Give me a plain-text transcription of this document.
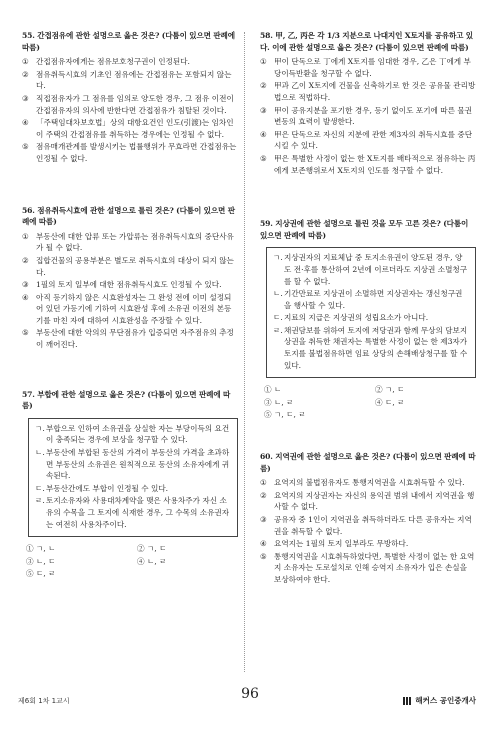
55. 간접점유에 관한 설명으로 옳은 것은? (다툼이 있으면 판례에 따름)
① 간접점유자에게는 점유보호청구권이 인정된다.
② 점유취득시효의 기초인 점유에는 간접점유는 포함되지 않는다.
③ 직접점유자가 그 점유를 임의로 양도한 경우, 그 점유 이전이 간접점유자의 의사에 반한다면 간접점유가 침탈된 것이다.
④ 「주택임대차보호법」상의 대항요건인 인도(引渡)는 임차인이 주택의 간접점유를 취득하는 경우에는 인정될 수 없다.
⑤ 점유매개관계를 발생시키는 법률행위가 무효라면 간접점유는 인정될 수 없다.
56. 점유취득시효에 관한 설명으로 틀린 것은? (다툼이 있으면 판례에 따름)
① 부동산에 대한 압류 또는 가압류는 점유취득시효의 중단사유가 될 수 없다.
② 집합건물의 공용부분은 별도로 취득시효의 대상이 되지 않는다.
③ 1필의 토지 일부에 대한 점유취득시효도 인정될 수 있다.
④ 아직 등기하지 않은 시효완성자는 그 완성 전에 이미 설정되어 있던 가등기에 기하여 시효완성 후에 소유권 이전의 본등기를 마친 자에 대하여 시효완성을 주장할 수 있다.
⑤ 부동산에 대한 악의의 무단점유가 입증되면 자주점유의 추정이 깨어진다.
57. 부합에 관한 설명으로 옳은 것은? (다툼이 있으면 판례에 따름)
ㄱ. 부합으로 인하여 소유권을 상실한 자는 부당이득의 요건이 충족되는 경우에 보상을 청구할 수 있다.
ㄴ. 부동산에 부합된 동산의 가격이 부동산의 가격을 초과하면 부동산의 소유권은 원칙적으로 동산의 소유자에게 귀속된다.
ㄷ. 부동산간에도 부합이 인정될 수 있다.
ㄹ. 토지소유자와 사용대차계약을 맺은 사용차주가 자신 소유의 수목을 그 토지에 식재한 경우, 그 수목의 소유권자는 여전히 사용차주이다.
① ㄱ, ㄴ	② ㄱ, ㄷ
③ ㄴ, ㄷ	④ ㄴ, ㄹ
⑤ ㄷ, ㄹ
58. 甲, 乙, 丙은 각 1/3 지분으로 나대지인 X토지를 공유하고 있다. 이에 관한 설명으로 옳은 것은? (다툼이 있으면 판례에 따름)
① 甲이 단독으로 丁에게 X토지를 임대한 경우, 乙은 丁에게 부당이득반환을 청구할 수 없다.
② 甲과 乙이 X토지에 건물을 신축하기로 한 것은 공유물 관리방법으로 적법하다.
③ 甲이 공유지분을 포기한 경우, 등기 없이도 포기에 따른 물권변동의 효력이 발생한다.
④ 甲은 단독으로 자신의 지분에 관한 제3자의 취득시효를 중단시킬 수 있다.
⑤ 甲은 특별한 사정이 없는 한 X토지를 배타적으로 점유하는 丙에게 보존행위로서 X토지의 인도를 청구할 수 없다.
59. 지상권에 관한 설명으로 틀린 것을 모두 고른 것은? (다툼이 있으면 판례에 따름)
ㄱ. 지상권자의 지료체납 중 토지소유권이 양도된 경우, 양도 전·후를 통산하여 2년에 이르더라도 지상권 소멸청구를 할 수 없다.
ㄴ. 기간만료로 지상권이 소멸하면 지상권자는 갱신청구권을 행사할 수 있다.
ㄷ. 지료의 지급은 지상권의 성립요소가 아니다.
ㄹ. 채권담보를 위하여 토지에 저당권과 함께 무상의 담보지상권을 취득한 채권자는 특별한 사정이 없는 한 제3자가 토지를 불법점유하면 임료 상당의 손해배상청구를 할 수 있다.
① ㄴ	② ㄱ, ㄷ
③ ㄴ, ㄹ	④ ㄷ, ㄹ
⑤ ㄱ, ㄷ, ㄹ
60. 지역권에 관한 설명으로 옳은 것은? (다툼이 있으면 판례에 따름)
① 요역지의 불법점유자도 통행지역권을 시효취득할 수 있다.
② 요역지의 지상권자는 자신의 용익권 범위 내에서 지역권을 행사할 수 없다.
③ 공유자 중 1인이 지역권을 취득하더라도 다른 공유자는 지역권을 취득할 수 없다.
④ 요역지는 1필의 토지 일부라도 무방하다.
⑤ 통행지역권을 시효취득하였다면, 특별한 사정이 없는 한 요역지 소유자는 도로설치로 인해 승역지 소유자가 입은 손실을 보상하여야 한다.
제6회 1차 1교시	96	해커스 공인중개사
